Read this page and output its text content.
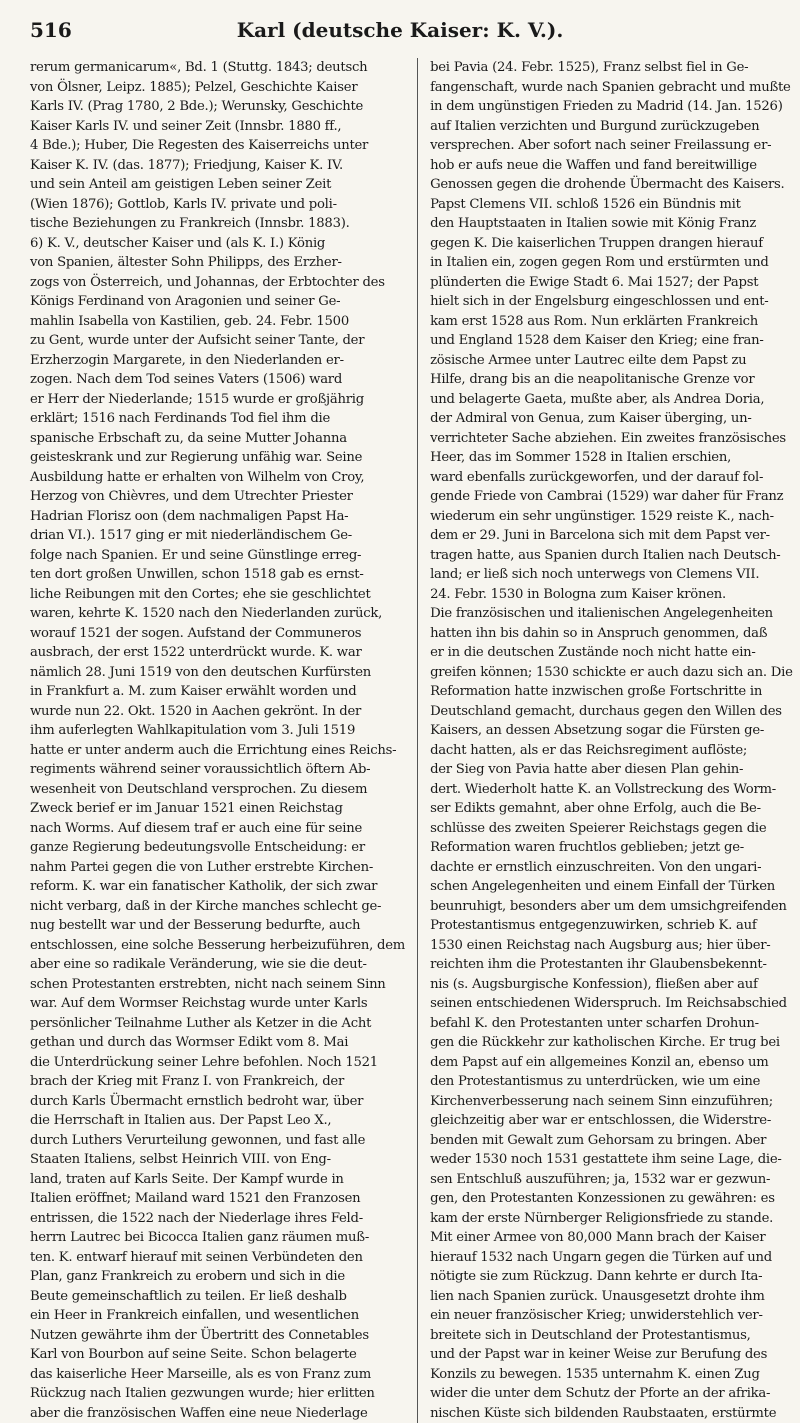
516	Karl (deutsche Kaiser: K. V.).
rerum germanicarum«, Bd. 1 (Stuttg. 1843; deutsch
von Ölsner, Leipz. 1885); Pelzel, Geschichte Kaiser
Karls IV. (Prag 1780, 2 Bde.); Werunsky, Geschichte
Kaiser Karls IV. und seiner Zeit (Innsbr. 1880 ff.,
4 Bde.); Huber, Die Regesten des Kaiserreichs unter
Kaiser K. IV. (das. 1877); Friedjung, Kaiser K. IV.
und sein Anteil am geistigen Leben seiner Zeit
(Wien 1876); Gottlob, Karls IV. private und poli-
tische Beziehungen zu Frankreich (Innsbr. 1883).
6) K. V., deutscher Kaiser und (als K. I.) König
von Spanien, ältester Sohn Philipps, des Erzher-
zogs von Österreich, und Johannas, der Erbtochter des
Königs Ferdinand von Aragonien und seiner Ge-
mahlin Isabella von Kastilien, geb. 24. Febr. 1500
zu Gent, wurde unter der Aufsicht seiner Tante, der
Erzherzogin Margarete, in den Niederlanden er-
zogen. Nach dem Tod seines Vaters (1506) ward
er Herr der Niederlande; 1515 wurde er großjährig
erklärt; 1516 nach Ferdinands Tod fiel ihm die
spanische Erbschaft zu, da seine Mutter Johanna
geisteskrank und zur Regierung unfähig war. Seine
Ausbildung hatte er erhalten von Wilhelm von Croy,
Herzog von Chièvres, und dem Utrechter Priester
Hadrian Florisz oon (dem nachmaligen Papst Ha-
drian VI.). 1517 ging er mit niederländischem Ge-
folge nach Spanien. Er und seine Günstlinge erreg-
ten dort großen Unwillen, schon 1518 gab es ernst-
liche Reibungen mit den Cortes; ehe sie geschlichtet
waren, kehrte K. 1520 nach den Niederlanden zurück,
worauf 1521 der sogen. Aufstand der Communeros
ausbrach, der erst 1522 unterdrückt wurde. K. war
nämlich 28. Juni 1519 von den deutschen Kurfürsten
in Frankfurt a. M. zum Kaiser erwählt worden und
wurde nun 22. Okt. 1520 in Aachen gekrönt. In der
ihm auferlegten Wahlkapitulation vom 3. Juli 1519
hatte er unter anderm auch die Errichtung eines Reichs-
regiments während seiner voraussichtlich öftern Ab-
wesenheit von Deutschland versprochen. Zu diesem
Zweck berief er im Januar 1521 einen Reichstag
nach Worms. Auf diesem traf er auch eine für seine
ganze Regierung bedeutungsvolle Entscheidung: er
nahm Partei gegen die von Luther erstrebte Kirchen-
reform. K. war ein fanatischer Katholik, der sich zwar
nicht verbarg, daß in der Kirche manches schlecht ge-
nug bestellt war und der Besserung bedurfte, auch
entschlossen, eine solche Besserung herbeizuführen, dem
aber eine so radikale Veränderung, wie sie die deut-
schen Protestanten erstrebten, nicht nach seinem Sinn
war. Auf dem Wormser Reichstag wurde unter Karls
persönlicher Teilnahme Luther als Ketzer in die Acht
gethan und durch das Wormser Edikt vom 8. Mai
die Unterdrückung seiner Lehre befohlen. Noch 1521
brach der Krieg mit Franz I. von Frankreich, der
durch Karls Übermacht ernstlich bedroht war, über
die Herrschaft in Italien aus. Der Papst Leo X.,
durch Luthers Verurteilung gewonnen, und fast alle
Staaten Italiens, selbst Heinrich VIII. von Eng-
land, traten auf Karls Seite. Der Kampf wurde in
Italien eröffnet; Mailand ward 1521 den Franzosen
entrissen, die 1522 nach der Niederlage ihres Feld-
herrn Lautrec bei Bicocca Italien ganz räumen muß-
ten. K. entwarf hierauf mit seinen Verbündeten den
Plan, ganz Frankreich zu erobern und sich in die
Beute gemeinschaftlich zu teilen. Er ließ deshalb
ein Heer in Frankreich einfallen, und wesentlichen
Nutzen gewährte ihm der Übertritt des Connetables
Karl von Bourbon auf seine Seite. Schon belagerte
das kaiserliche Heer Marseille, als es von Franz zum
Rückzug nach Italien gezwungen wurde; hier erlitten
aber die französischen Waffen eine neue Niederlage
bei Pavia (24. Febr. 1525), Franz selbst fiel in Ge-
fangenschaft, wurde nach Spanien gebracht und mußte
in dem ungünstigen Frieden zu Madrid (14. Jan. 1526)
auf Italien verzichten und Burgund zurückzugeben
versprechen. Aber sofort nach seiner Freilassung er-
hob er aufs neue die Waffen und fand bereitwillige
Genossen gegen die drohende Übermacht des Kaisers.
Papst Clemens VII. schloß 1526 ein Bündnis mit
den Hauptstaaten in Italien sowie mit König Franz
gegen K. Die kaiserlichen Truppen drangen hierauf
in Italien ein, zogen gegen Rom und erstürmten und
plünderten die Ewige Stadt 6. Mai 1527; der Papst
hielt sich in der Engelsburg eingeschlossen und ent-
kam erst 1528 aus Rom. Nun erklärten Frankreich
und England 1528 dem Kaiser den Krieg; eine fran-
zösische Armee unter Lautrec eilte dem Papst zu
Hilfe, drang bis an die neapolitanische Grenze vor
und belagerte Gaeta, mußte aber, als Andrea Doria,
der Admiral von Genua, zum Kaiser überging, un-
verrichteter Sache abziehen. Ein zweites französisches
Heer, das im Sommer 1528 in Italien erschien,
ward ebenfalls zurückgeworfen, und der darauf fol-
gende Friede von Cambrai (1529) war daher für Franz
wiederum ein sehr ungünstiger. 1529 reiste K., nach-
dem er 29. Juni in Barcelona sich mit dem Papst ver-
tragen hatte, aus Spanien durch Italien nach Deutsch-
land; er ließ sich noch unterwegs von Clemens VII.
24. Febr. 1530 in Bologna zum Kaiser krönen.
Die französischen und italienischen Angelegenheiten
hatten ihn bis dahin so in Anspruch genommen, daß
er in die deutschen Zustände noch nicht hatte ein-
greifen können; 1530 schickte er auch dazu sich an. Die
Reformation hatte inzwischen große Fortschritte in
Deutschland gemacht, durchaus gegen den Willen des
Kaisers, an dessen Absetzung sogar die Fürsten ge-
dacht hatten, als er das Reichsregiment auflöste;
der Sieg von Pavia hatte aber diesen Plan gehin-
dert. Wiederholt hatte K. an Vollstreckung des Worm-
ser Edikts gemahnt, aber ohne Erfolg, auch die Be-
schlüsse des zweiten Speierer Reichstags gegen die
Reformation waren fruchtlos geblieben; jetzt ge-
dachte er ernstlich einzuschreiten. Von den ungari-
schen Angelegenheiten und einem Einfall der Türken
beunruhigt, besonders aber um dem umsichgreifenden
Protestantismus entgegenzuwirken, schrieb K. auf
1530 einen Reichstag nach Augsburg aus; hier über-
reichten ihm die Protestanten ihr Glaubensbekennt-
nis (s. Augsburgische Konfession), fließen aber auf
seinen entschiedenen Widerspruch. Im Reichsabschied
befahl K. den Protestanten unter scharfen Drohun-
gen die Rückkehr zur katholischen Kirche. Er trug bei
dem Papst auf ein allgemeines Konzil an, ebenso um
den Protestantismus zu unterdrücken, wie um eine
Kirchenverbesserung nach seinem Sinn einzuführen;
gleichzeitig aber war er entschlossen, die Widerstre-
benden mit Gewalt zum Gehorsam zu bringen. Aber
weder 1530 noch 1531 gestattete ihm seine Lage, die-
sen Entschluß auszuführen; ja, 1532 war er gezwun-
gen, den Protestanten Konzessionen zu gewähren: es
kam der erste Nürnberger Religionsfriede zu stande.
Mit einer Armee von 80,000 Mann brach der Kaiser
hierauf 1532 nach Ungarn gegen die Türken auf und
nötigte sie zum Rückzug. Dann kehrte er durch Ita-
lien nach Spanien zurück. Unausgesetzt drohte ihm
ein neuer französischer Krieg; unwiderstehlich ver-
breitete sich in Deutschland der Protestantismus,
und der Papst war in keiner Weise zur Berufung des
Konzils zu bewegen. 1535 unternahm K. einen Zug
wider die unter dem Schutz der Pforte an der afrika-
nischen Küste sich bildenden Raubstaaten, erstürmte
